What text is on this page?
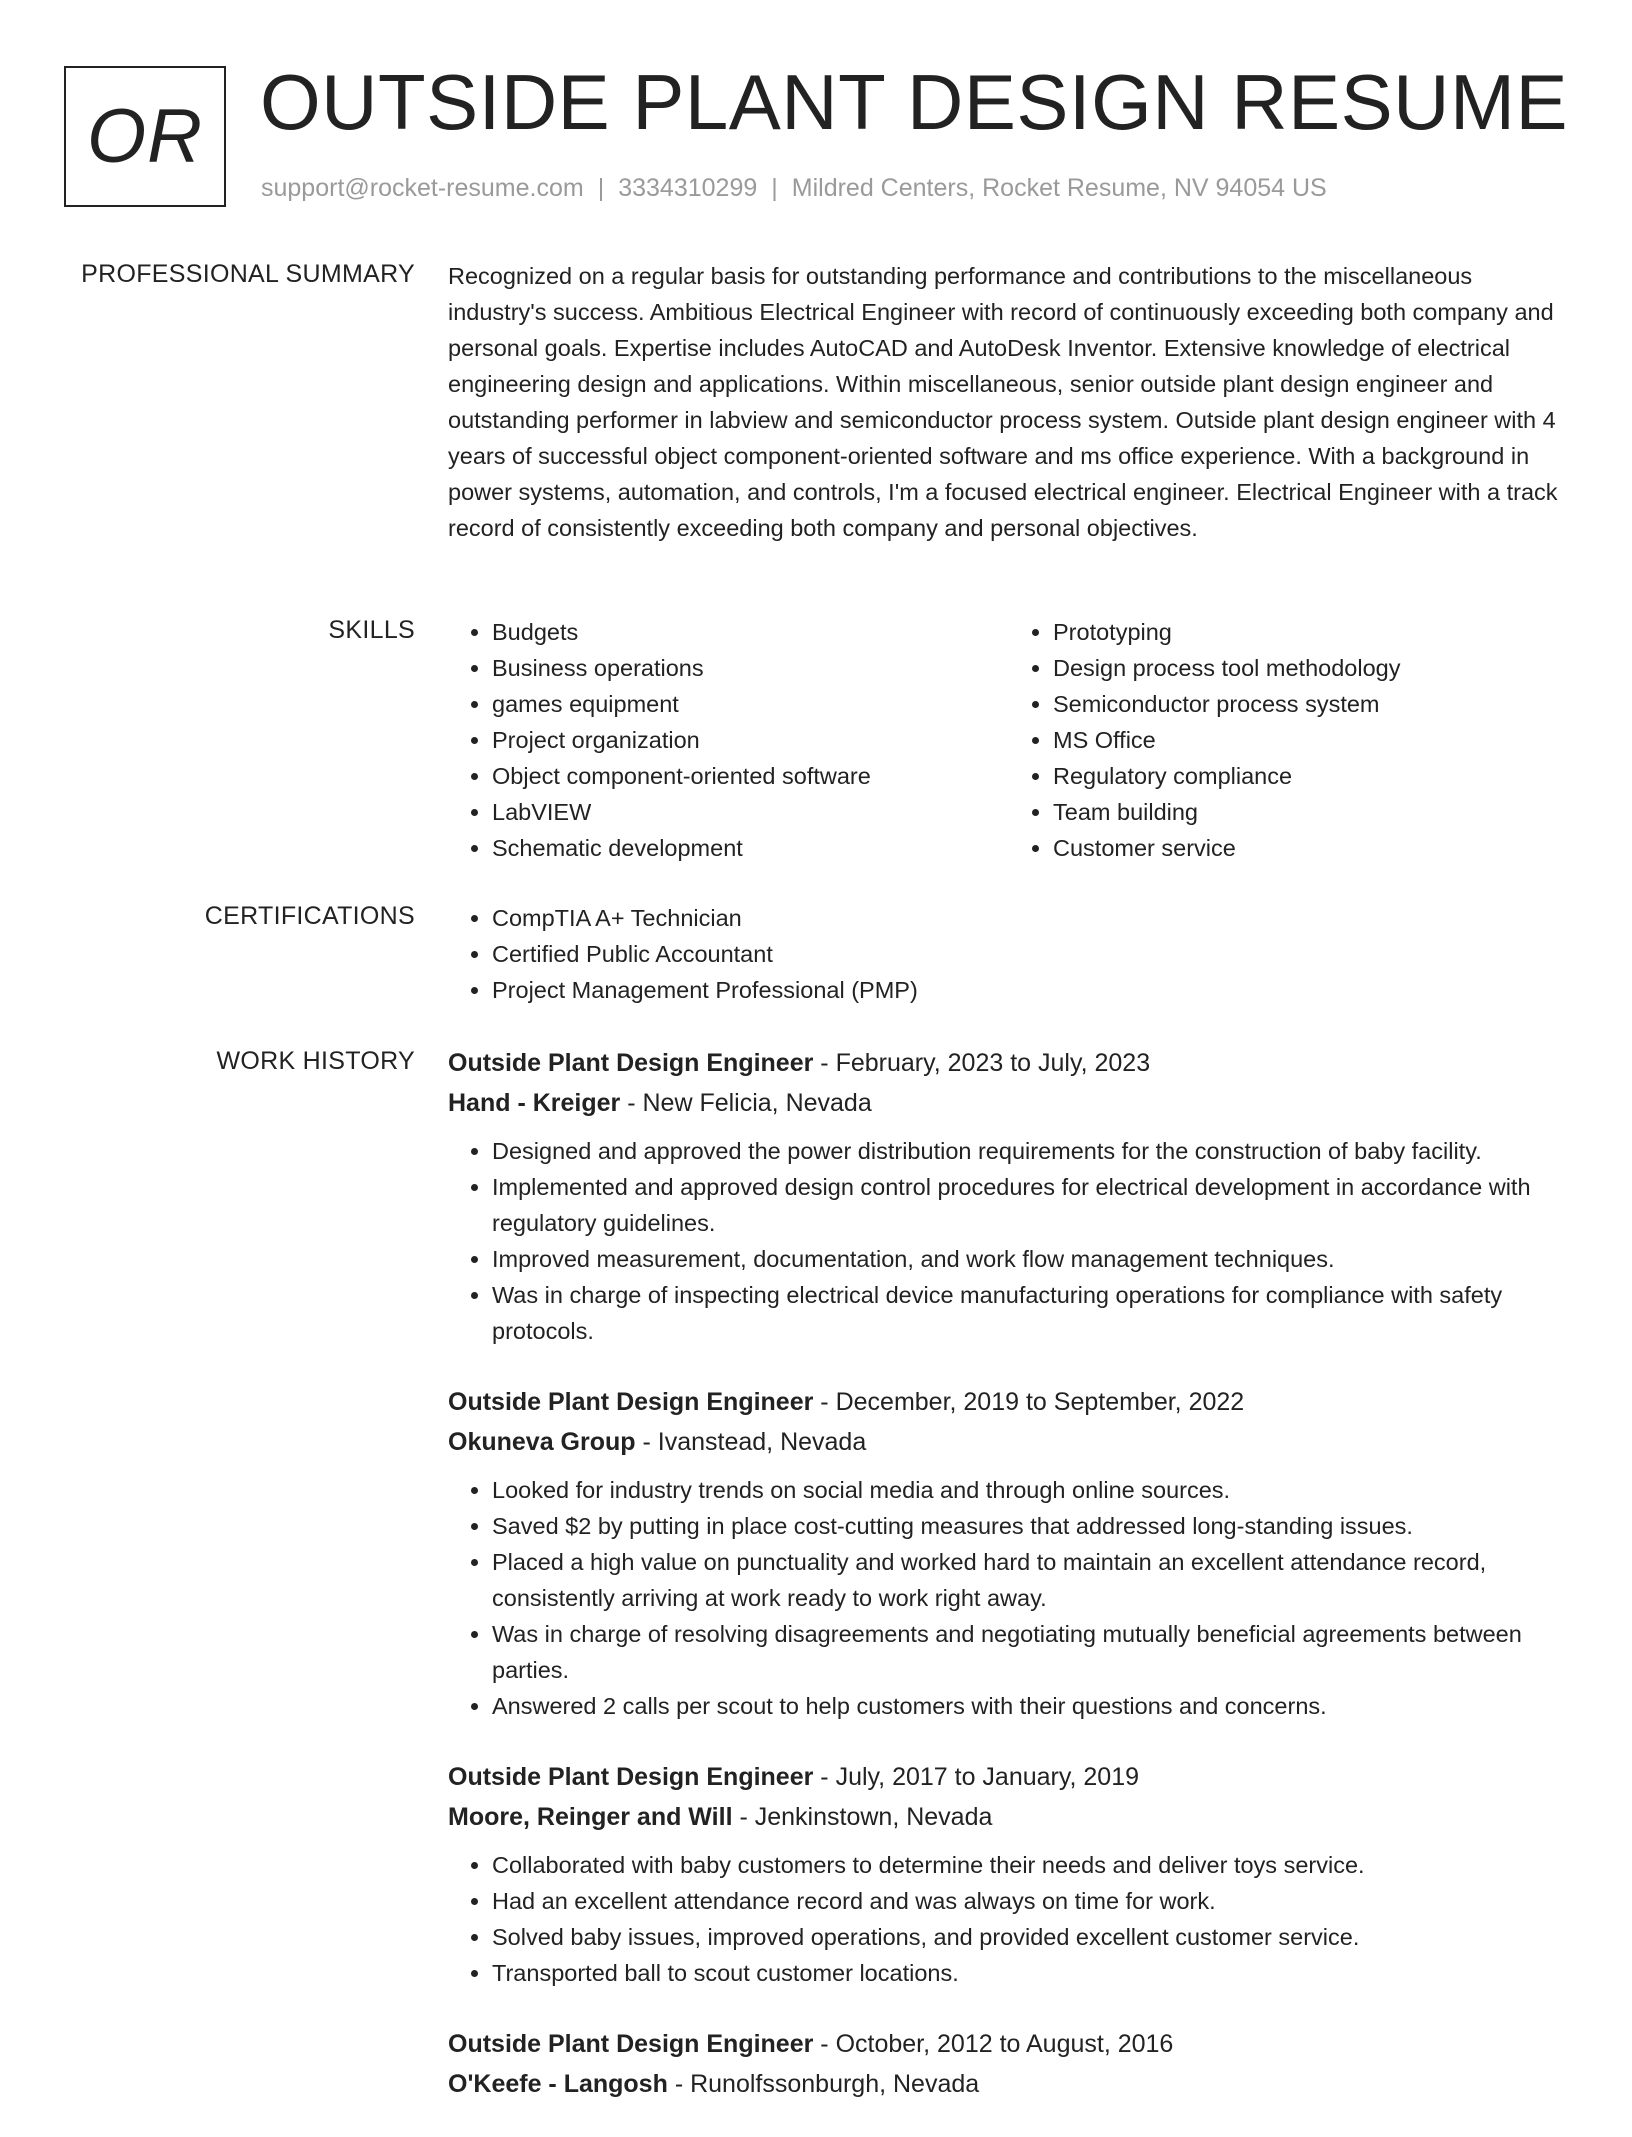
OR OUTSIDE PLANT DESIGN RESUME
support@rocket-resume.com | 3334310299 | Mildred Centers, Rocket Resume, NV 94054 US
PROFESSIONAL SUMMARY Recognized on a regular basis for outstanding performance and contributions to the miscellaneous industry's success. Ambitious Electrical Engineer with record of continuously exceeding both company and personal goals. Expertise includes AutoCAD and AutoDesk Inventor. Extensive knowledge of electrical engineering design and applications. Within miscellaneous, senior outside plant design engineer and outstanding performer in labview and semiconductor process system. Outside plant design engineer with 4 years of successful object component-oriented software and ms office experience. With a background in power systems, automation, and controls, I'm a focused electrical engineer. Electrical Engineer with a track record of consistently exceeding both company and personal objectives.

SKILLS	• Budgets
• Business operations
• games equipment
• Project organization
• Object component-oriented software
• LabVIEW
• Schematic development
• Prototyping
• Design process tool methodology
• Semiconductor process system
• MS Office
• Regulatory compliance
• Team building
• Customer service
CERTIFICATIONS	• CompTIA A+ Technician
• Certified Public Accountant
• Project Management Professional (PMP)
WORK HISTORY Outside Plant Design Engineer - February, 2023 to July, 2023
Hand - Kreiger - New Felicia, Nevada
• Designed and approved the power distribution requirements for the construction of baby facility.
• Implemented and approved design control procedures for electrical development in accordance with regulatory guidelines.
• Improved measurement, documentation, and work flow management techniques.
• Was in charge of inspecting electrical device manufacturing operations for compliance with safety protocols.
Outside Plant Design Engineer - December, 2019 to September, 2022
Okuneva Group - Ivanstead, Nevada
• Looked for industry trends on social media and through online sources.
• Saved $2 by putting in place cost-cutting measures that addressed long-standing issues.
• Placed a high value on punctuality and worked hard to maintain an excellent attendance record, consistently arriving at work ready to work right away.
• Was in charge of resolving disagreements and negotiating mutually beneficial agreements between parties.
• Answered 2 calls per scout to help customers with their questions and concerns.
Outside Plant Design Engineer - July, 2017 to January, 2019
Moore, Reinger and Will - Jenkinstown, Nevada
• Collaborated with baby customers to determine their needs and deliver toys service.
• Had an excellent attendance record and was always on time for work.
• Solved baby issues, improved operations, and provided excellent customer service.
• Transported ball to scout customer locations.
Outside Plant Design Engineer - October, 2012 to August, 2016
O'Keefe - Langosh - Runolfssonburgh, Nevada
